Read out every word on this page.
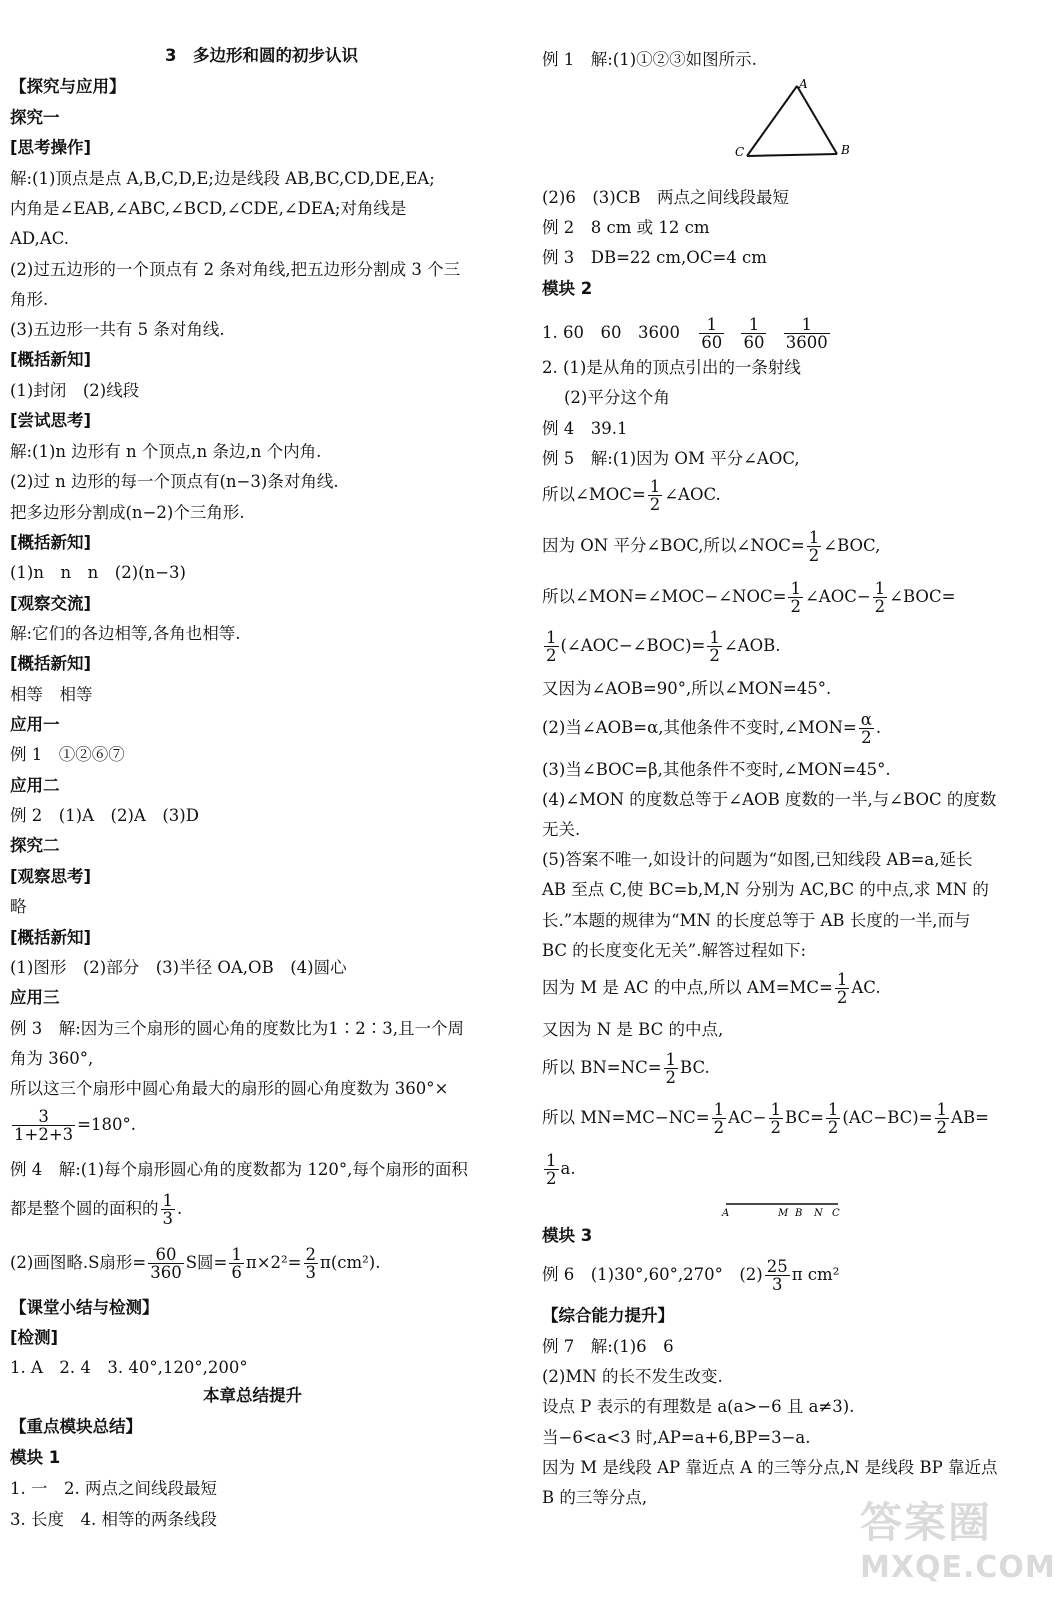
3　多边形和圆的初步认识
【探究与应用】
探究一
[思考操作]
解:(1)顶点是点 A,B,C,D,E;边是线段 AB,BC,CD,DE,EA;
内角是∠EAB,∠ABC,∠BCD,∠CDE,∠DEA;对角线是
AD,AC.
(2)过五边形的一个顶点有 2 条对角线,把五边形分割成 3 个三
角形.
(3)五边形一共有 5 条对角线.
[概括新知]
(1)封闭　(2)线段
[尝试思考]
解:(1)n 边形有 n 个顶点,n 条边,n 个内角.
(2)过 n 边形的每一个顶点有(n−3)条对角线.
把多边形分割成(n−2)个三角形.
[概括新知]
(1)n　n　n　(2)(n−3)
[观察交流]
解:它们的各边相等,各角也相等.
[概括新知]
相等　相等
应用一
例 1　①②⑥⑦
应用二
例 2　(1)A　(2)A　(3)D
探究二
[观察思考]
略
[概括新知]
(1)图形　(2)部分　(3)半径 OA,OB　(4)圆心
应用三
例 3　解:因为三个扇形的圆心角的度数比为1∶2∶3,且一个周
角为 360°,
所以这三个扇形中圆心角最大的扇形的圆心角度数为 360°×
$\frac{3}{1+2+3} =180^\circ$.
例 4　解:(1)每个扇形圆心角的度数都为 120°,每个扇形的面积
都是整个圆的面积的 $\frac{1}{3}$ .
(2)画图略.S扇形= $\frac{60}{360}$ S圆= $\frac{1}{6} \pi\times 2^2= \frac{2}{3} \pi(cm^2)$.
【课堂小结与检测】
[检测]
1. A　2. 4　3. 40°,120°,200°
本章总结提升
【重点模块总结】
模块 1
1. 一　2. 两点之间线段最短
3. 长度　4. 相等的两条线段
例 1　解:(1)①②③如图所示.
A
B
C
(2)6　(3)CB　两点之间线段最短
例 2　8 cm 或 12 cm
例 3　DB=22 cm,OC=4 cm
模块 2
1. 60　60　$3600 \frac{1}{60}$
$\frac{1}{60}$
$\frac{1}{3600}$
2. (1)是从角的顶点引出的一条射线
(2)平分这个角
例 4　39.1
例 5　解:(1)因为 OM 平分∠AOC,
所以∠MOC= $\frac{1}{2}$ ∠AOC.
因为 ON 平分∠BOC,所以∠NOC= $\frac{1}{2}$ ∠BOC,
所以∠MON=∠MOC−∠NOC= $\frac{1}{2}$ ∠AOC− $\frac{1}{2}$ ∠BOC=
$\frac{1}{2}$ (∠AOC−∠BOC)= $\frac{1}{2}$ ∠AOB.
又因为∠AOB=90°,所以∠MON=45°.
(2)当∠AOB=α,其他条件不变时,∠MON= $\frac{\alpha}{2}$ .
(3)当∠BOC=β,其他条件不变时,∠MON=45°.
(4)∠MON 的度数总等于∠AOB 度数的一半,与∠BOC 的度数
无关.
(5)答案不唯一,如设计的问题为“如图,已知线段 AB=a,延长
AB 至点 C,使 BC=b,M,N 分别为 AC,BC 的中点,求 MN 的
长.”本题的规律为“MN 的长度总等于 AB 长度的一半,而与
BC 的长度变化无关”.解答过程如下:
因为 M 是 AC 的中点,所以 $AM=MC= \frac{1}{2}$ AC.
又因为 N 是 BC 的中点,
所以 $BN=NC= \frac{1}{2}$ BC.
所以 $MN=MC-NC= \frac{1}{2} AC- \frac{1}{2} BC= \frac{1}{2} (AC-BC)= \frac{1}{2} AB=$
$\frac{1}{2} a$.
A	M B N C
模块 3
例 6　(1)30°,60°,270°　$(2) \frac{25}{3}$ π cm²
【综合能力提升】
例 7　解:(1)6　6
(2)MN 的长不发生改变.
设点 P 表示的有理数是 a(a>−6 且 a≠3).
当−6<a<3 时,AP=a+6,BP=3−a.
因为 M 是线段 AP 靠近点 A 的三等分点,N 是线段 BP 靠近点
B 的三等分点,
答案圈
MXQE.COM
